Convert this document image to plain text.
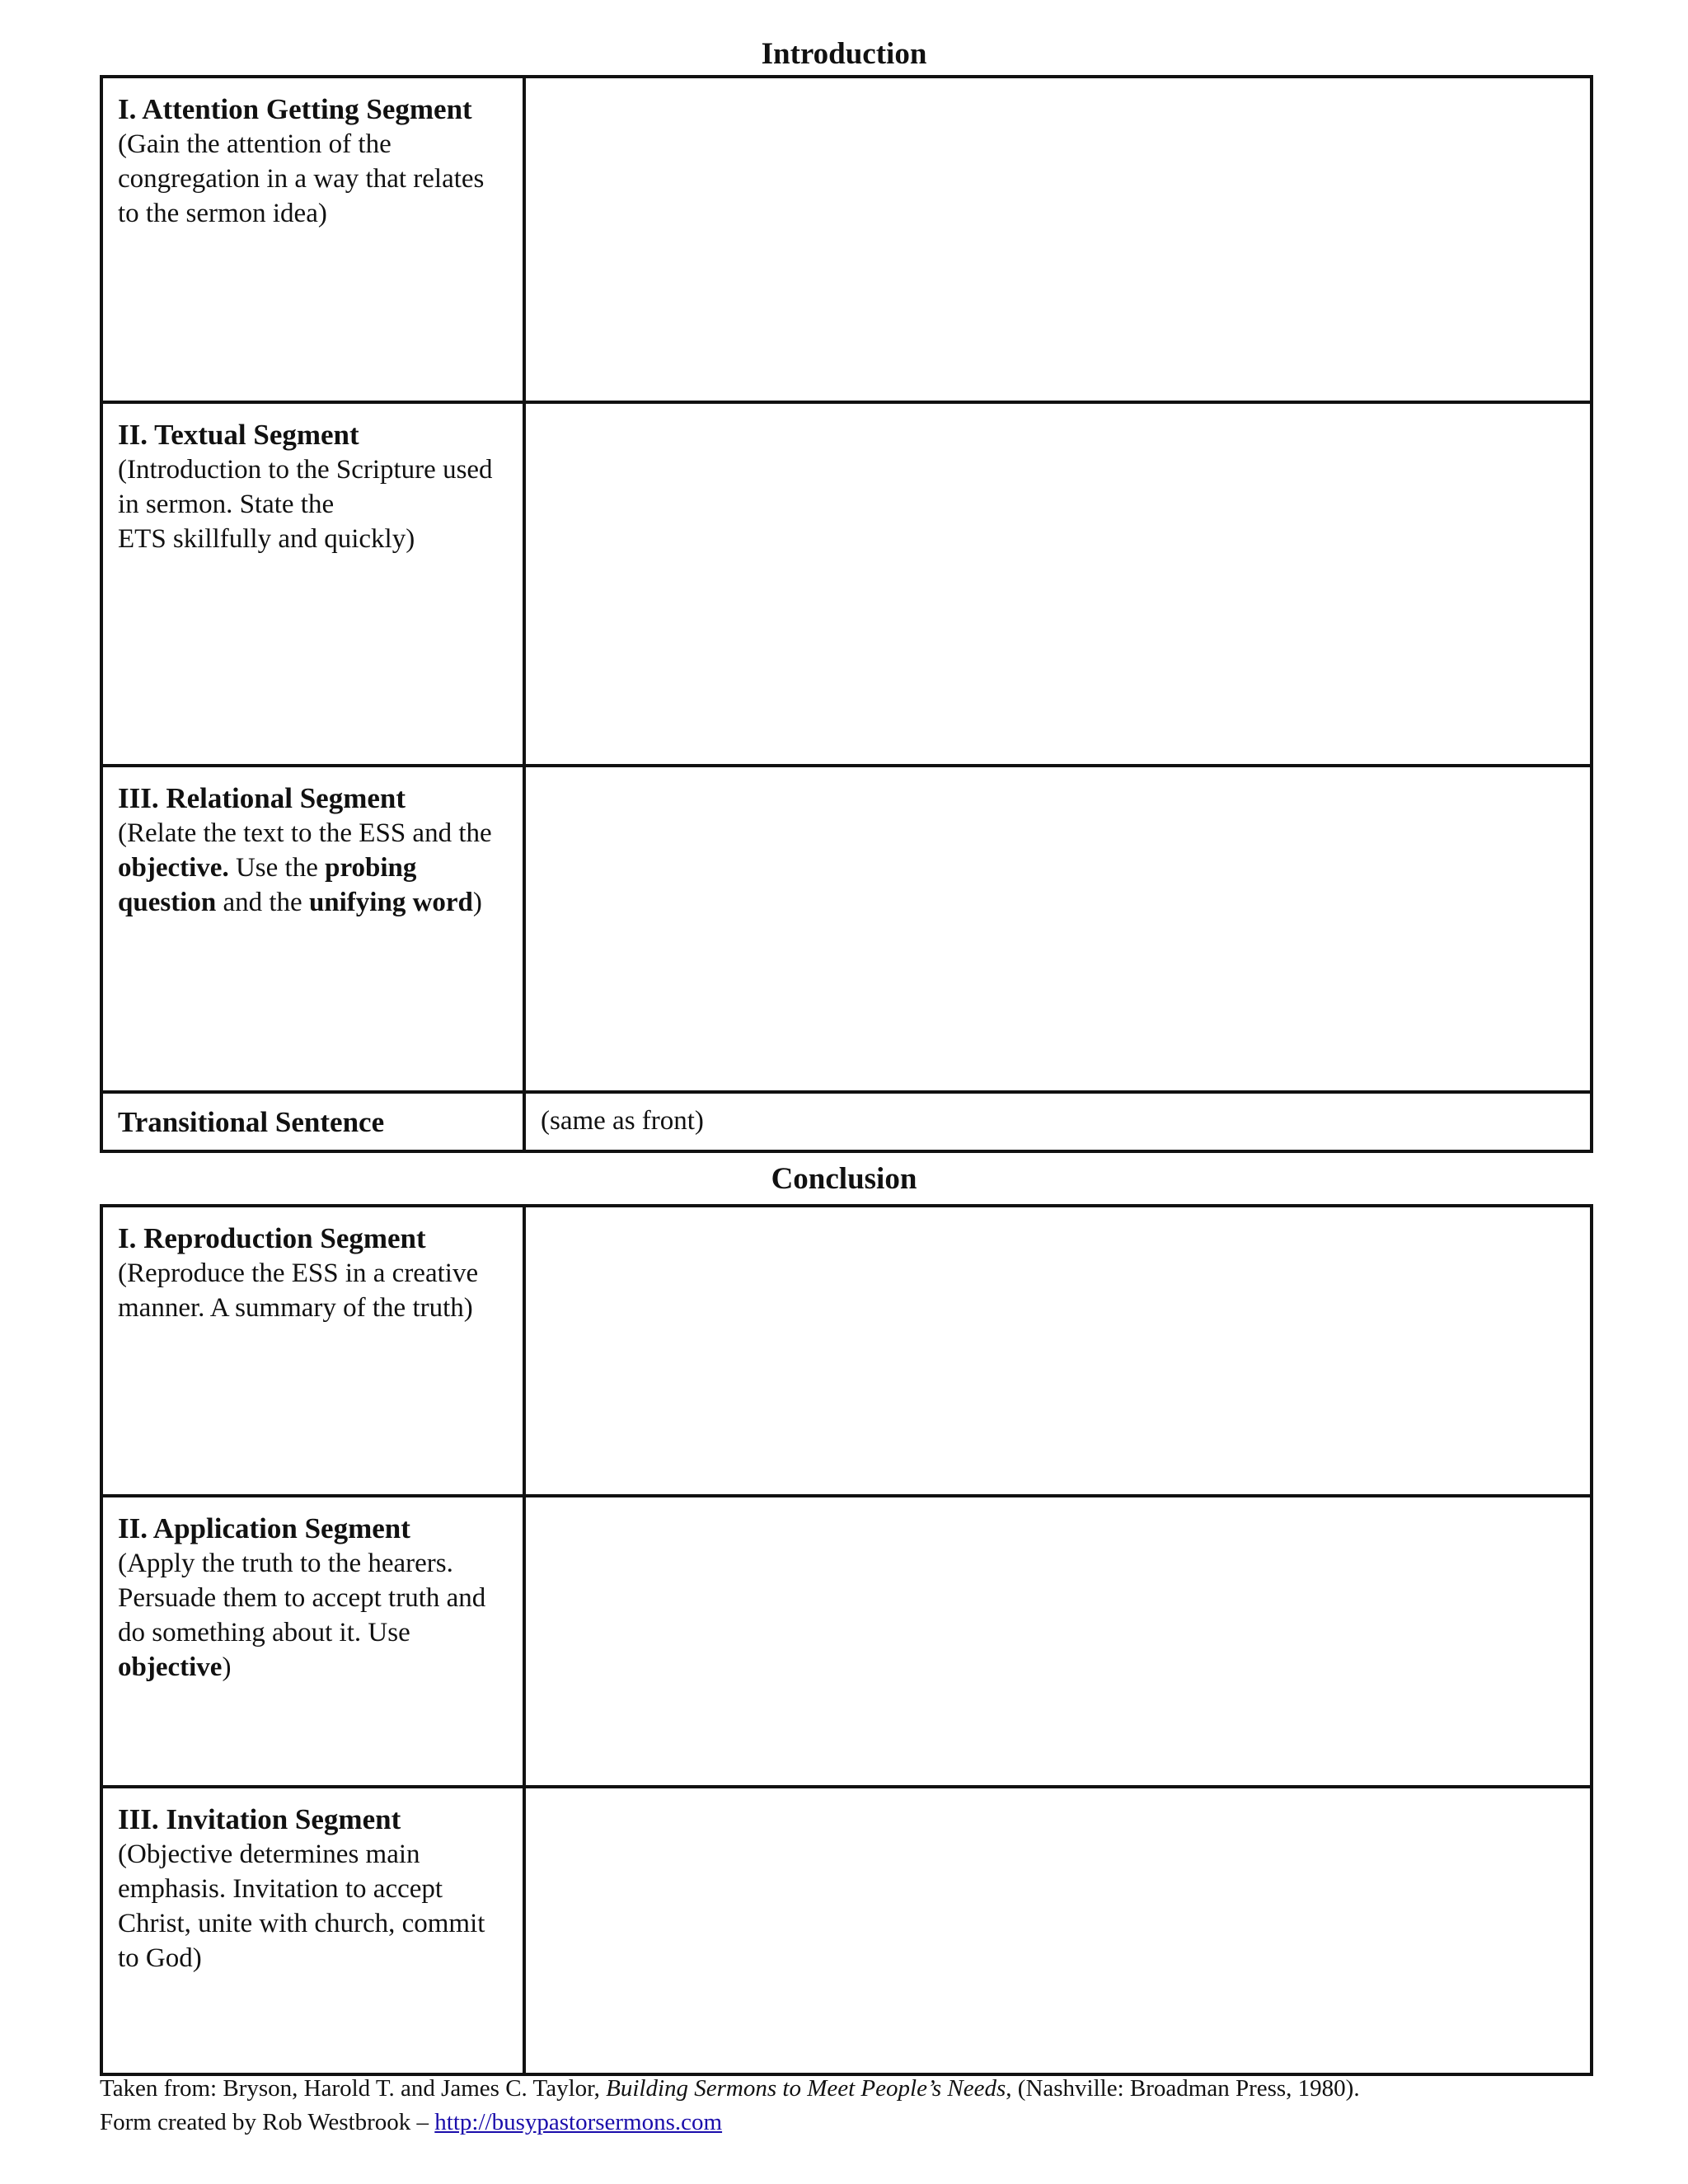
Introduction
I. Attention Getting Segment
(Gain the attention of the congregation in a way that relates to the sermon idea)	

II. Textual Segment
(Introduction to the Scripture used in sermon. State the
ETS skillfully and quickly)	

III. Relational Segment
(Relate the text to the ESS and the objective. Use the probing question and the unifying word)	

Transitional Sentence	(same as front)
Conclusion
I. Reproduction Segment
(Reproduce the ESS in a creative manner. A summary of the truth)	

II. Application Segment
(Apply the truth to the hearers. Persuade them to accept truth and do something about it. Use objective)	

III. Invitation Segment
(Objective determines main emphasis. Invitation to accept Christ, unite with church, commit to God)	

Taken from: Bryson, Harold T. and James C. Taylor, Building Sermons to Meet People’s Needs, (Nashville: Broadman Press, 1980).
Form created by Rob Westbrook – http://busypastorsermons.com
